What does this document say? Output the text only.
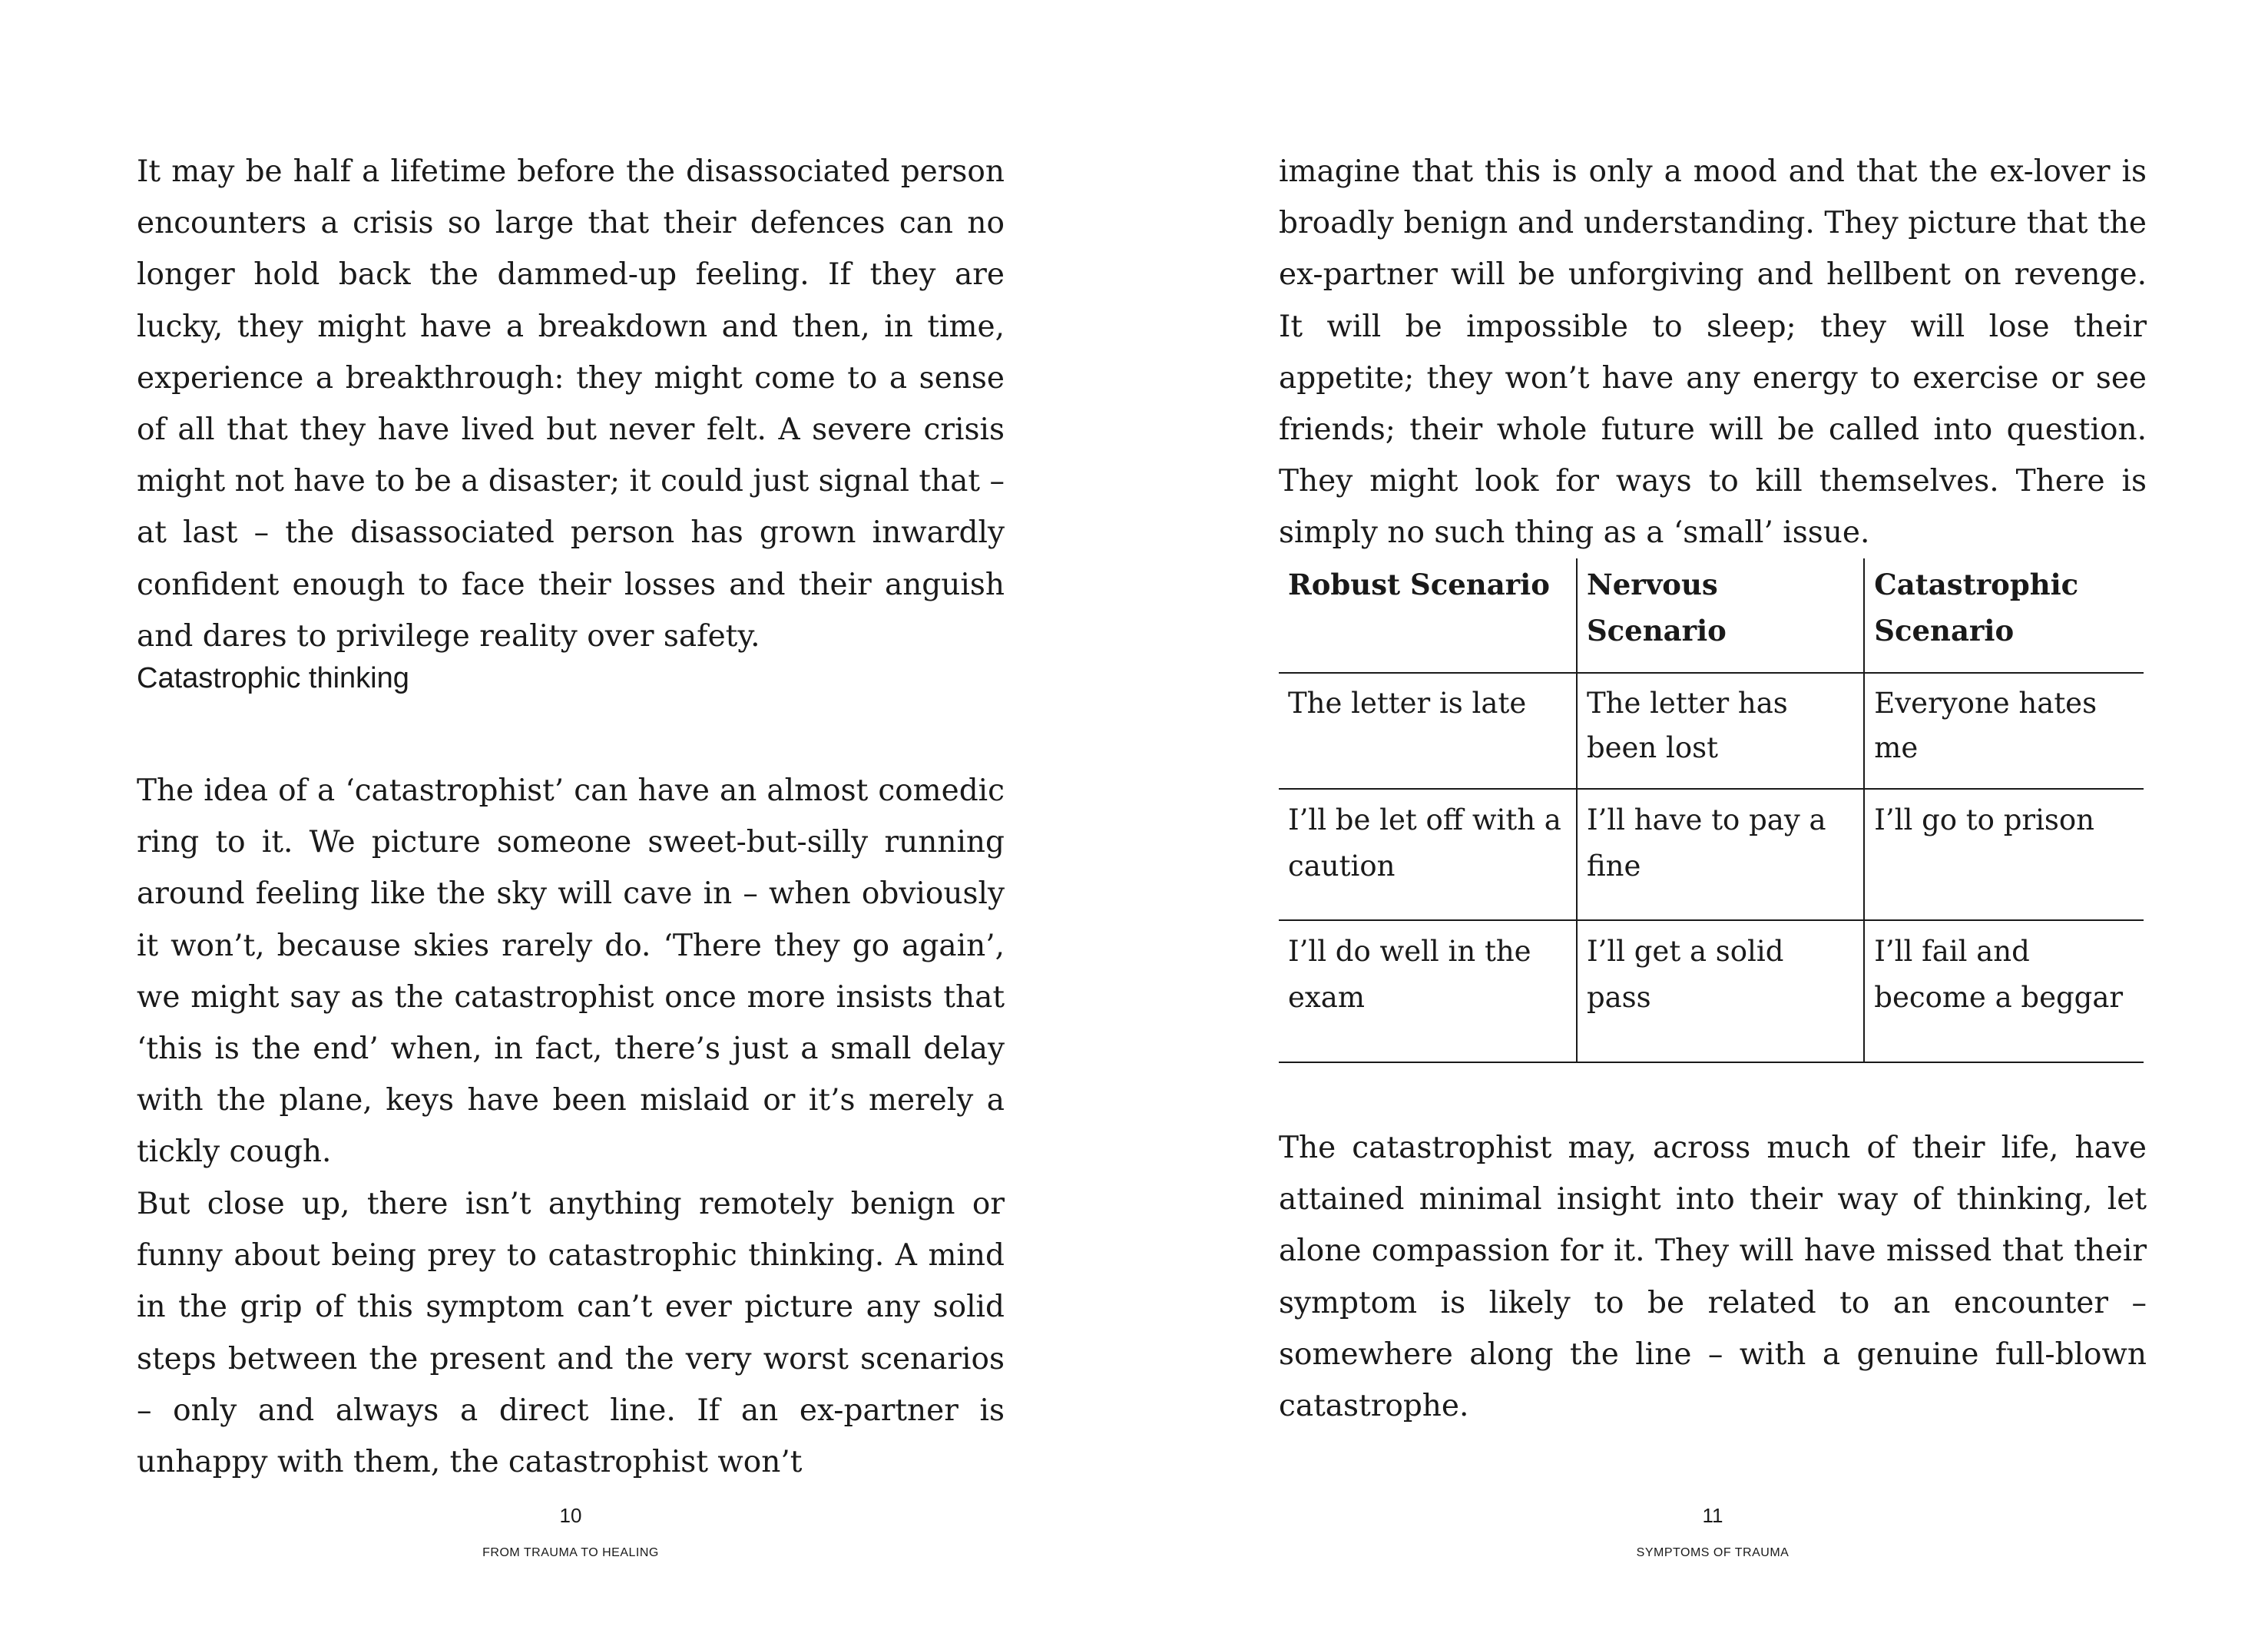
It may be half a lifetime before the disassociated person encounters a crisis so large that their defences can no longer hold back the dammed-up feeling. If they are lucky, they might have a breakdown and then, in time, experience a breakthrough: they might come to a sense of all that they have lived but never felt. A severe crisis might not have to be a disaster; it could just signal that – at last – the disassociated person has grown inwardly confident enough to face their losses and their anguish and dares to privilege reality over safety.

Catastrophic thinking

The idea of a ‘catastrophist’ can have an almost comedic ring to it. We picture someone sweet-but-silly running around feeling like the sky will cave in – when obviously it won’t, because skies rarely do. ‘There they go again’, we might say as the catastrophist once more insists that ‘this is the end’ when, in fact, there’s just a small delay with the plane, keys have been mislaid or it’s merely a tickly cough.

But close up, there isn’t anything remotely benign or funny about being prey to catastrophic thinking. A mind in the grip of this symptom can’t ever picture any solid steps between the present and the very worst scenarios – only and always a direct line. If an ex-partner is unhappy with them, the catastrophist won’t

10
FROM TRAUMA TO HEALING

imagine that this is only a mood and that the ex-lover is broadly benign and understanding. They picture that the ex-partner will be unforgiving and hellbent on revenge. It will be impossible to sleep; they will lose their appetite; they won’t have any energy to exercise or see friends; their whole future will be called into question. They might look for ways to kill themselves. There is simply no such thing as a ‘small’ issue.

Robust Scenario	Nervous Scenario	Catastrophic Scenario
The letter is late	The letter has been lost	Everyone hates me
I’ll be let off with a caution	I’ll have to pay a fine	I’ll go to prison
I’ll do well in the exam	I’ll get a solid pass	I’ll fail and become a beggar

The catastrophist may, across much of their life, have attained minimal insight into their way of thinking, let alone compassion for it. They will have missed that their symptom is likely to be related to an encounter – somewhere along the line – with a genuine full-blown catastrophe.

11
SYMPTOMS OF TRAUMA
